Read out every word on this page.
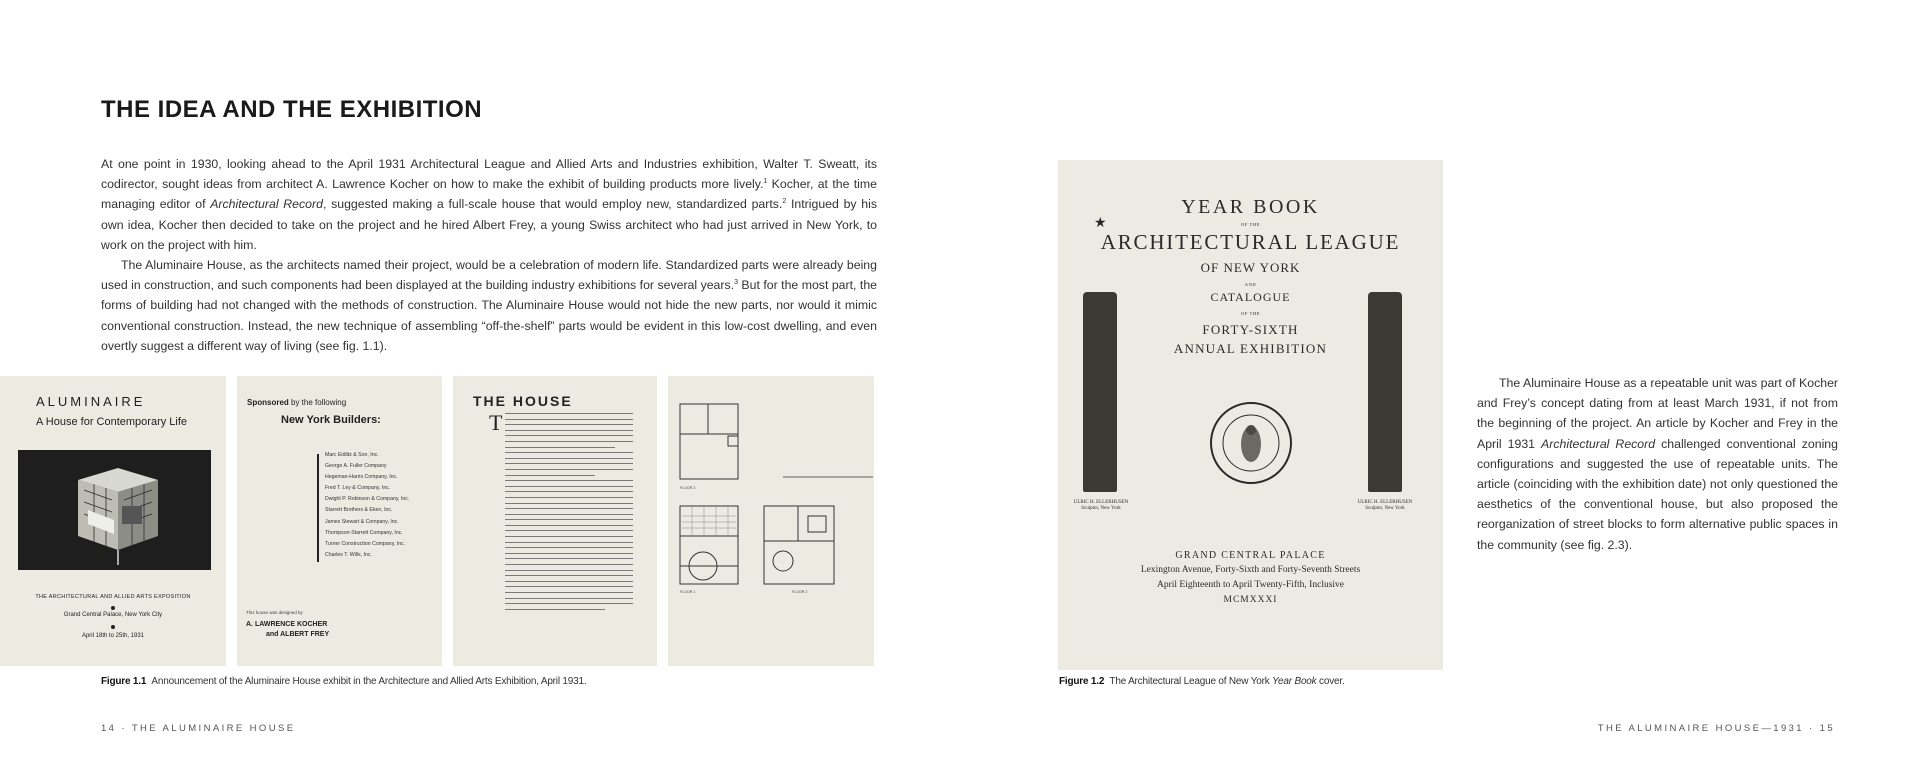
THE IDEA AND THE EXHIBITION

At one point in 1930, looking ahead to the April 1931 Architectural League and Allied Arts and Industries exhibition, Walter T. Sweatt, its codirector, sought ideas from architect A. Lawrence Kocher on how to make the exhibit of building products more lively.$^1$ Kocher, at the time managing editor of Architectural Record, suggested making a full-scale house that would employ new, standardized parts.$^2$ Intrigued by his own idea, Kocher then decided to take on the project and he hired Albert Frey, a young Swiss architect who had just arrived in New York, to work on the project with him.

The Aluminaire House, as the architects named their project, would be a celebration of modern life. Standardized parts were already being used in construction, and such components had been displayed at the building industry exhibitions for several years.$^3$ But for the most part, the forms of building had not changed with the methods of construction. The Aluminaire House would not hide the new parts, nor would it mimic conventional construction. Instead, the new technique of assembling “off-the-shelf” parts would be evident in this low-cost dwelling, and even overtly suggest a different way of living (see fig. 1.1).

ALUMINAIRE
A House for Contemporary Life
THE ARCHITECTURAL AND ALLIED ARTS EXPOSITION
Grand Central Palace, New York City
April 18th to 25th, 1931
Sponsored by the following
New York Builders:
Marc Eidlitz & Son, Inc.
George A. Fuller Company
Hegeman-Harris Company, Inc.
Fred T. Ley & Company, Inc.
Dwight P. Robinson & Company, Inc.
Starrett Brothers & Eken, Inc.
James Stewart & Company, Inc.
Thompson-Starrett Company, Inc.
Turner Construction Company, Inc.
Charles T. Wills, Inc.
This house was designed by
A. LAWRENCE KOCHER
and ALBERT FREY
THE HOUSE
T
FLOOR 3
FLOOR 1	FLOOR 2
Figure 1.1 Announcement of the Aluminaire House exhibit in the Architecture and Allied Arts Exhibition, April 1931.
YEAR BOOK
OF THE
★
ARCHITECTURAL LEAGUE
OF NEW YORK
AND
CATALOGUE
OF THE
FORTY-SIXTH
ANNUAL EXHIBITION
ULRIC H. ELLERHUSEN
Sculptor, New York
ULRIC H. ELLERHUSEN
Sculptor, New York
GRAND CENTRAL PALACE
Lexington Avenue, Forty-Sixth and Forty-Seventh Streets
April Eighteenth to April Twenty-Fifth, Inclusive
MCMXXXI
Figure 1.2 The Architectural League of New York Year Book cover.

The Aluminaire House as a repeatable unit was part of Kocher and Frey’s concept dating from at least March 1931, if not from the beginning of the project. An article by Kocher and Frey in the April 1931 Architectural Record challenged conventional zoning configurations and suggested the use of repeatable units. The article (coinciding with the exhibition date) not only questioned the aesthetics of the conventional house, but also proposed the reorganization of street blocks to form alternative public spaces in the community (see fig. 2.3).

14 · THE ALUMINAIRE HOUSE	THE ALUMINAIRE HOUSE—1931 · 15
